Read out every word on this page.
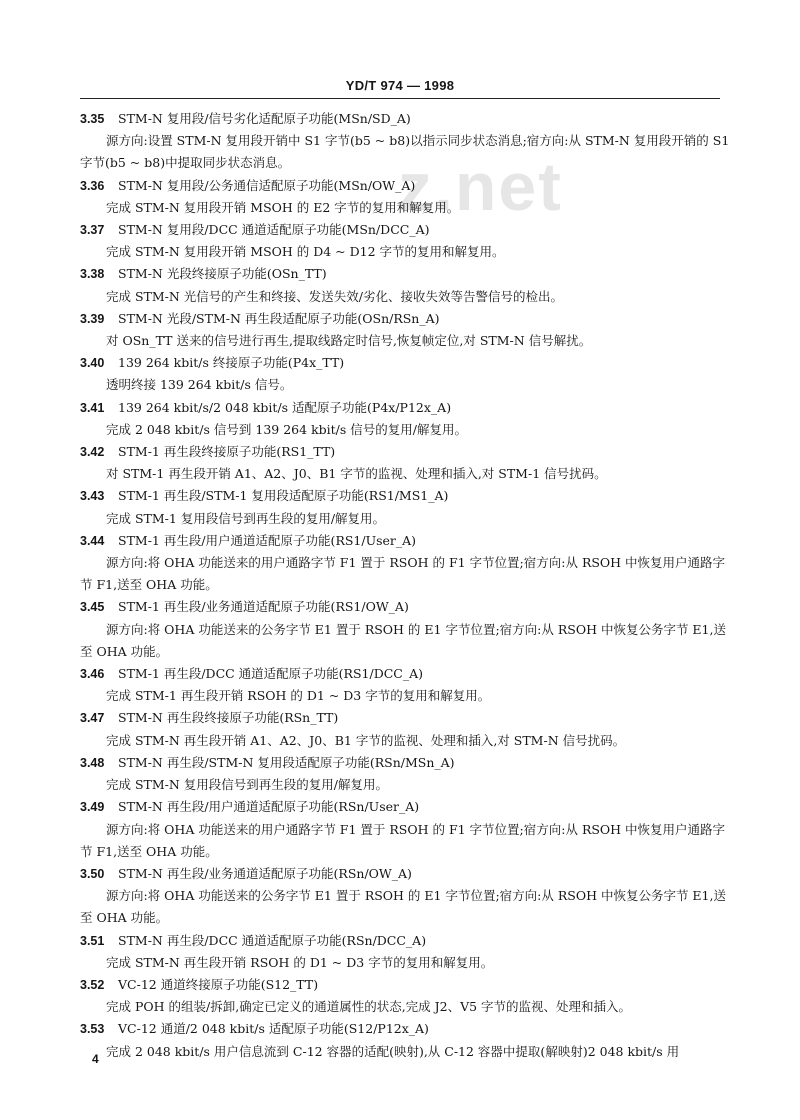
YD/T 974 — 1998
z.net
3.35 STM-N 复用段/信号劣化适配原子功能(MSn/SD_A)
源方向:设置 STM-N 复用段开销中 S1 字节(b5 ~ b8)以指示同步状态消息;宿方向:从 STM-N 复用段开销的 S1 字节(b5 ~ b8)中提取同步状态消息。
3.36 STM-N 复用段/公务通信适配原子功能(MSn/OW_A)
完成 STM-N 复用段开销 MSOH 的 E2 字节的复用和解复用。
3.37 STM-N 复用段/DCC 通道适配原子功能(MSn/DCC_A)
完成 STM-N 复用段开销 MSOH 的 D4 ~ D12 字节的复用和解复用。
3.38 STM-N 光段终接原子功能(OSn_TT)
完成 STM-N 光信号的产生和终接、发送失效/劣化、接收失效等告警信号的检出。
3.39 STM-N 光段/STM-N 再生段适配原子功能(OSn/RSn_A)
对 OSn_TT 送来的信号进行再生,提取线路定时信号,恢复帧定位,对 STM-N 信号解扰。
3.40 139 264 kbit/s 终接原子功能(P4x_TT)
透明终接 139 264 kbit/s 信号。
3.41 139 264 kbit/s/2 048 kbit/s 适配原子功能(P4x/P12x_A)
完成 2 048 kbit/s 信号到 139 264 kbit/s 信号的复用/解复用。
3.42 STM-1 再生段终接原子功能(RS1_TT)
对 STM-1 再生段开销 A1、A2、J0、B1 字节的监视、处理和插入,对 STM-1 信号扰码。
3.43 STM-1 再生段/STM-1 复用段适配原子功能(RS1/MS1_A)
完成 STM-1 复用段信号到再生段的复用/解复用。
3.44 STM-1 再生段/用户通道适配原子功能(RS1/User_A)
源方向:将 OHA 功能送来的用户通路字节 F1 置于 RSOH 的 F1 字节位置;宿方向:从 RSOH 中恢复用户通路字节 F1,送至 OHA 功能。
3.45 STM-1 再生段/业务通道适配原子功能(RS1/OW_A)
源方向:将 OHA 功能送来的公务字节 E1 置于 RSOH 的 E1 字节位置;宿方向:从 RSOH 中恢复公务字节 E1,送至 OHA 功能。
3.46 STM-1 再生段/DCC 通道适配原子功能(RS1/DCC_A)
完成 STM-1 再生段开销 RSOH 的 D1 ~ D3 字节的复用和解复用。
3.47 STM-N 再生段终接原子功能(RSn_TT)
完成 STM-N 再生段开销 A1、A2、J0、B1 字节的监视、处理和插入,对 STM-N 信号扰码。
3.48 STM-N 再生段/STM-N 复用段适配原子功能(RSn/MSn_A)
完成 STM-N 复用段信号到再生段的复用/解复用。
3.49 STM-N 再生段/用户通道适配原子功能(RSn/User_A)
源方向:将 OHA 功能送来的用户通路字节 F1 置于 RSOH 的 F1 字节位置;宿方向:从 RSOH 中恢复用户通路字节 F1,送至 OHA 功能。
3.50 STM-N 再生段/业务通道适配原子功能(RSn/OW_A)
源方向:将 OHA 功能送来的公务字节 E1 置于 RSOH 的 E1 字节位置;宿方向:从 RSOH 中恢复公务字节 E1,送至 OHA 功能。
3.51 STM-N 再生段/DCC 通道适配原子功能(RSn/DCC_A)
完成 STM-N 再生段开销 RSOH 的 D1 ~ D3 字节的复用和解复用。
3.52 VC-12 通道终接原子功能(S12_TT)
完成 POH 的组装/拆卸,确定已定义的通道属性的状态,完成 J2、V5 字节的监视、处理和插入。
3.53 VC-12 通道/2 048 kbit/s 适配原子功能(S12/P12x_A)
完成 2 048 kbit/s 用户信息流到 C-12 容器的适配(映射),从 C-12 容器中提取(解映射)2 048 kbit/s 用
4
